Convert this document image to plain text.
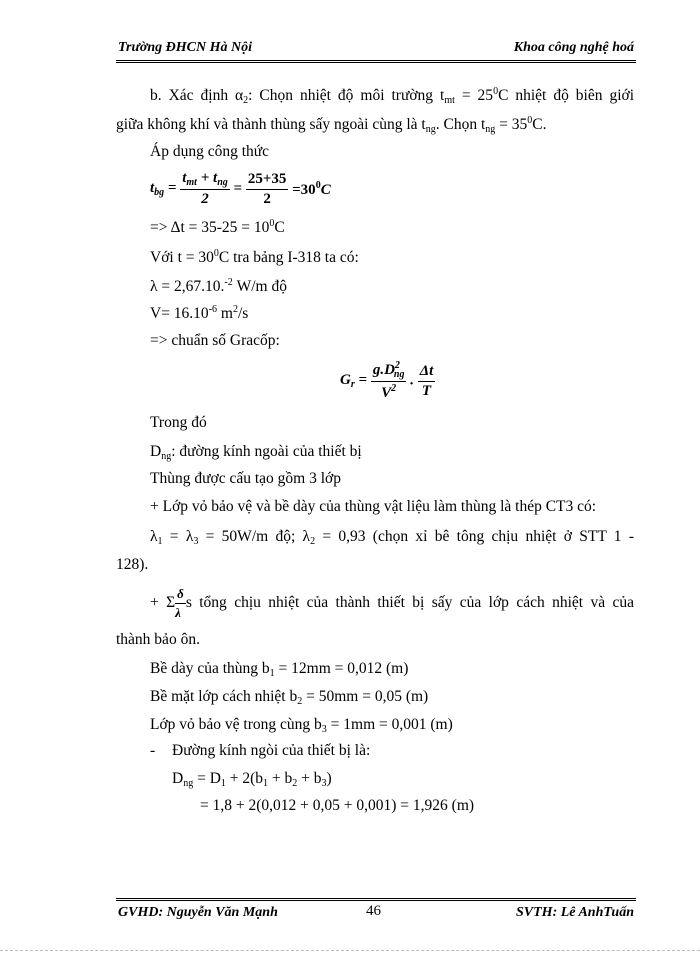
Trường ĐHCN Hà Nội	Khoa công nghệ hoá
b. Xác định $\alpha_2$: Chọn nhiệt độ môi trường $t_{mt} = 25^0C$ nhiệt độ biên giới
giữa không khí và thành thùng sấy ngoài cùng là $t_{ng}$. Chọn $t_{ng} = 35^0C$.
Áp dụng công thức
$t_{bg} = \frac{t_{mt} + t_{ng}}{2} = \frac{25+35}{2} =30^0C$
=> $\Delta t = 35-25 = 10^0C$
Với $t = 30^0C$ tra bảng I-318 ta có:
λ = 2,67.10.$^{-2}$ W/m độ
$V= 16.10^{-6}$ $m^2/s$
=> chuẩn số Gracốp:
$G_r = \frac{g.D^2_{ng}}{V^2}$ . $\frac{\Delta t}{T}$
Trong đó
$D_{ng}$: đường kính ngoài của thiết bị
Thùng được cấu tạo gồm 3 lớp
+ Lớp vỏ bảo vệ và bề dày của thùng vật liệu làm thùng là thép CT3 có:
$\lambda_1 = \lambda_3 = 50W/m$ độ; $\lambda_2 = 0,93$ (chọn xỉ bê tông chịu nhiệt ở STT 1 -
128).
+ Σ $\frac{\delta}{\lambda}$ s tổng chịu nhiệt của thành thiết bị sấy của lớp cách nhiệt và của
thành bảo ôn.
Bề dày của thùng $b_1 = 12mm = 0,012$ (m)
Bề mặt lớp cách nhiệt $b_2 = 50mm = 0,05$ (m)
Lớp vỏ bảo vệ trong cùng $b_3 = 1mm = 0,001$ (m)
- Đường kính ngòi của thiết bị là:
$D_{ng} = D_1 + 2(b_1 + b_2 + b_3)$
= 1,8 + 2(0,012 + 0,05 + 0,001) = 1,926 (m)
GVHD: Nguyễn Văn Mạnh	46	SVTH: Lê AnhTuấn
